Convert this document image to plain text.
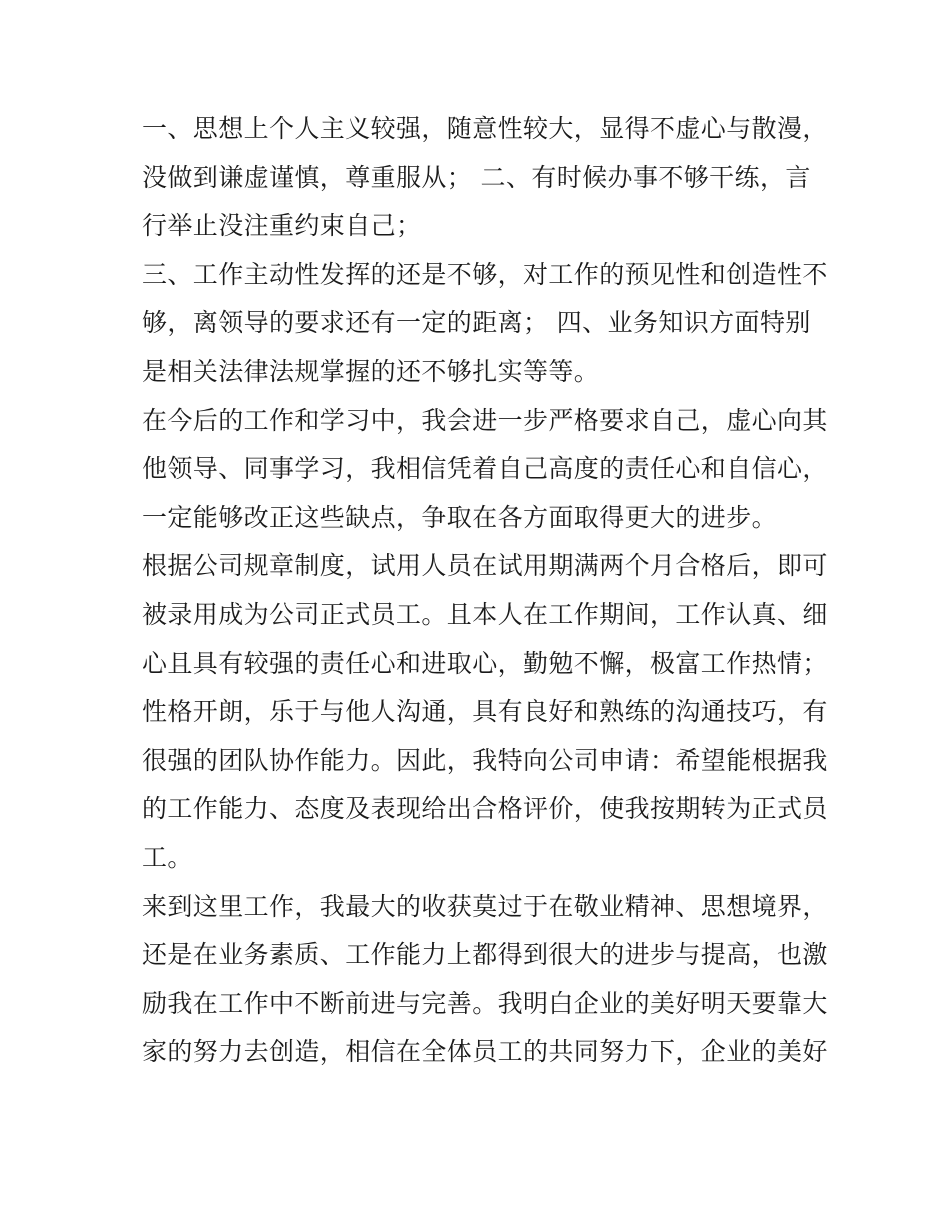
一、思想上个人主义较强，随意性较大，显得不虚心与散漫，
没做到谦虚谨慎，尊重服从； 二、有时候办事不够干练，言
行举止没注重约束自己；
三、工作主动性发挥的还是不够，对工作的预见性和创造性不
够，离领导的要求还有一定的距离； 四、业务知识方面特别
是相关法律法规掌握的还不够扎实等等。
在今后的工作和学习中，我会进一步严格要求自己，虚心向其
他领导、同事学习，我相信凭着自己高度的责任心和自信心，
一定能够改正这些缺点，争取在各方面取得更大的进步。
根据公司规章制度，试用人员在试用期满两个月合格后，即可
被录用成为公司正式员工。且本人在工作期间，工作认真、细
心且具有较强的责任心和进取心，勤勉不懈，极富工作热情；
性格开朗，乐于与他人沟通，具有良好和熟练的沟通技巧，有
很强的团队协作能力。因此，我特向公司申请：希望能根据我
的工作能力、态度及表现给出合格评价，使我按期转为正式员
工。
来到这里工作，我最大的收获莫过于在敬业精神、思想境界，
还是在业务素质、工作能力上都得到很大的进步与提高，也激
励我在工作中不断前进与完善。我明白企业的美好明天要靠大
家的努力去创造，相信在全体员工的共同努力下，企业的美好
